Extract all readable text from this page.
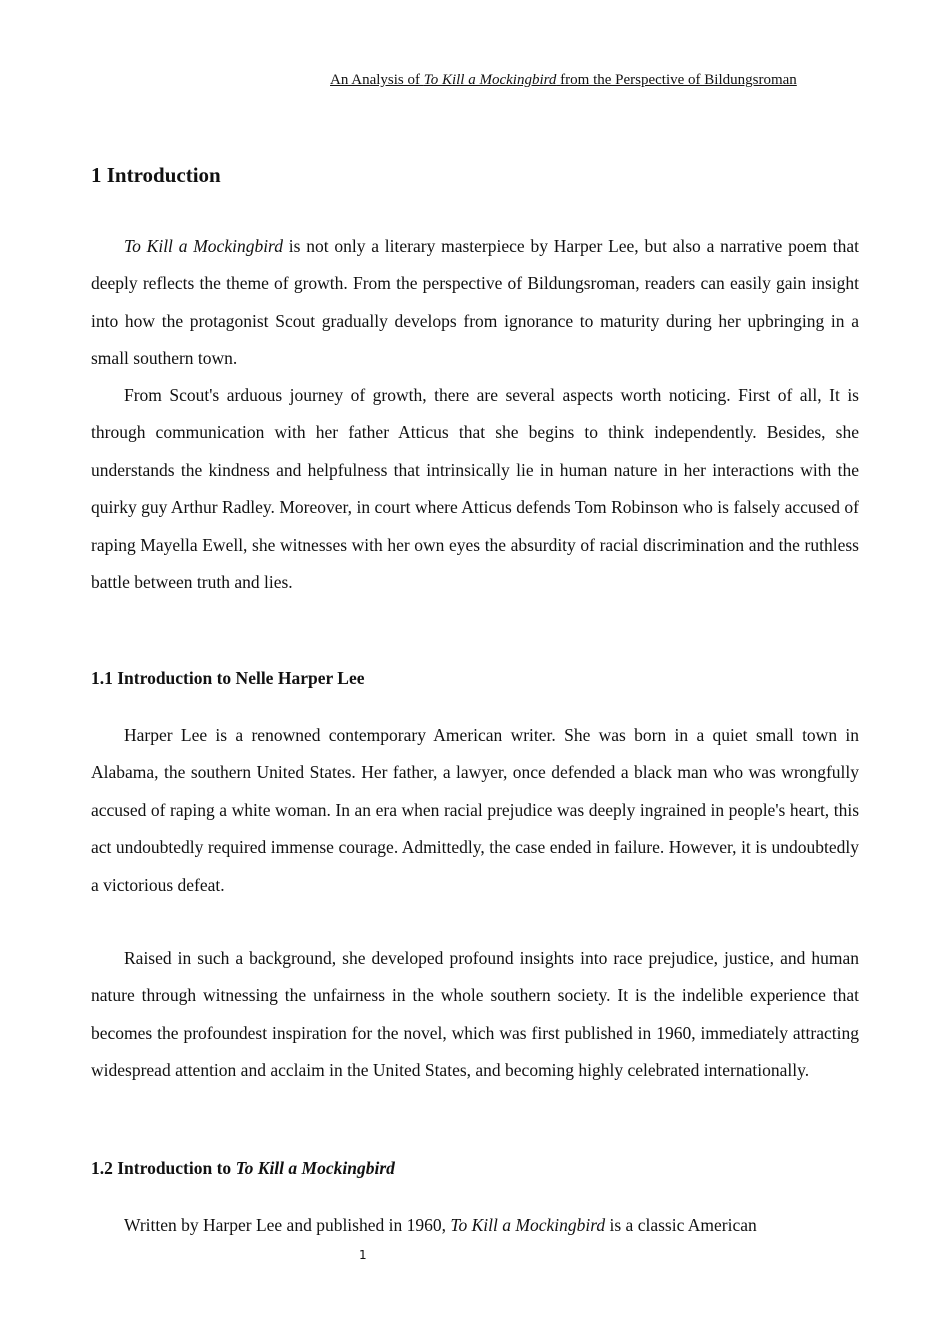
An Analysis of To Kill a Mockingbird from the Perspective of Bildungsroman
1 Introduction

To Kill a Mockingbird is not only a literary masterpiece by Harper Lee, but also a narrative poem that deeply reflects the theme of growth. From the perspective of Bildungsroman, readers can easily gain insight into how the protagonist Scout gradually develops from ignorance to maturity during her upbringing in a small southern town.

From Scout's arduous journey of growth, there are several aspects worth noticing. First of all, It is through communication with her father Atticus that she begins to think independently. Besides, she understands the kindness and helpfulness that intrinsically lie in human nature in her interactions with the quirky guy Arthur Radley. Moreover, in court where Atticus defends Tom Robinson who is falsely accused of raping Mayella Ewell, she witnesses with her own eyes the absurdity of racial discrimination and the ruthless battle between truth and lies.

1.1 Introduction to Nelle Harper Lee

Harper Lee is a renowned contemporary American writer. She was born in a quiet small town in Alabama, the southern United States. Her father, a lawyer, once defended a black man who was wrongfully accused of raping a white woman. In an era when racial prejudice was deeply ingrained in people's heart, this act undoubtedly required immense courage. Admittedly, the case ended in failure. However, it is undoubtedly a victorious defeat.

Raised in such a background, she developed profound insights into race prejudice, justice, and human nature through witnessing the unfairness in the whole southern society. It is the indelible experience that becomes the profoundest inspiration for the novel, which was first published in 1960, immediately attracting widespread attention and acclaim in the United States, and becoming highly celebrated internationally.

1.2 Introduction to To Kill a Mockingbird

Written by Harper Lee and published in 1960, To Kill a Mockingbird is a classic American

1
